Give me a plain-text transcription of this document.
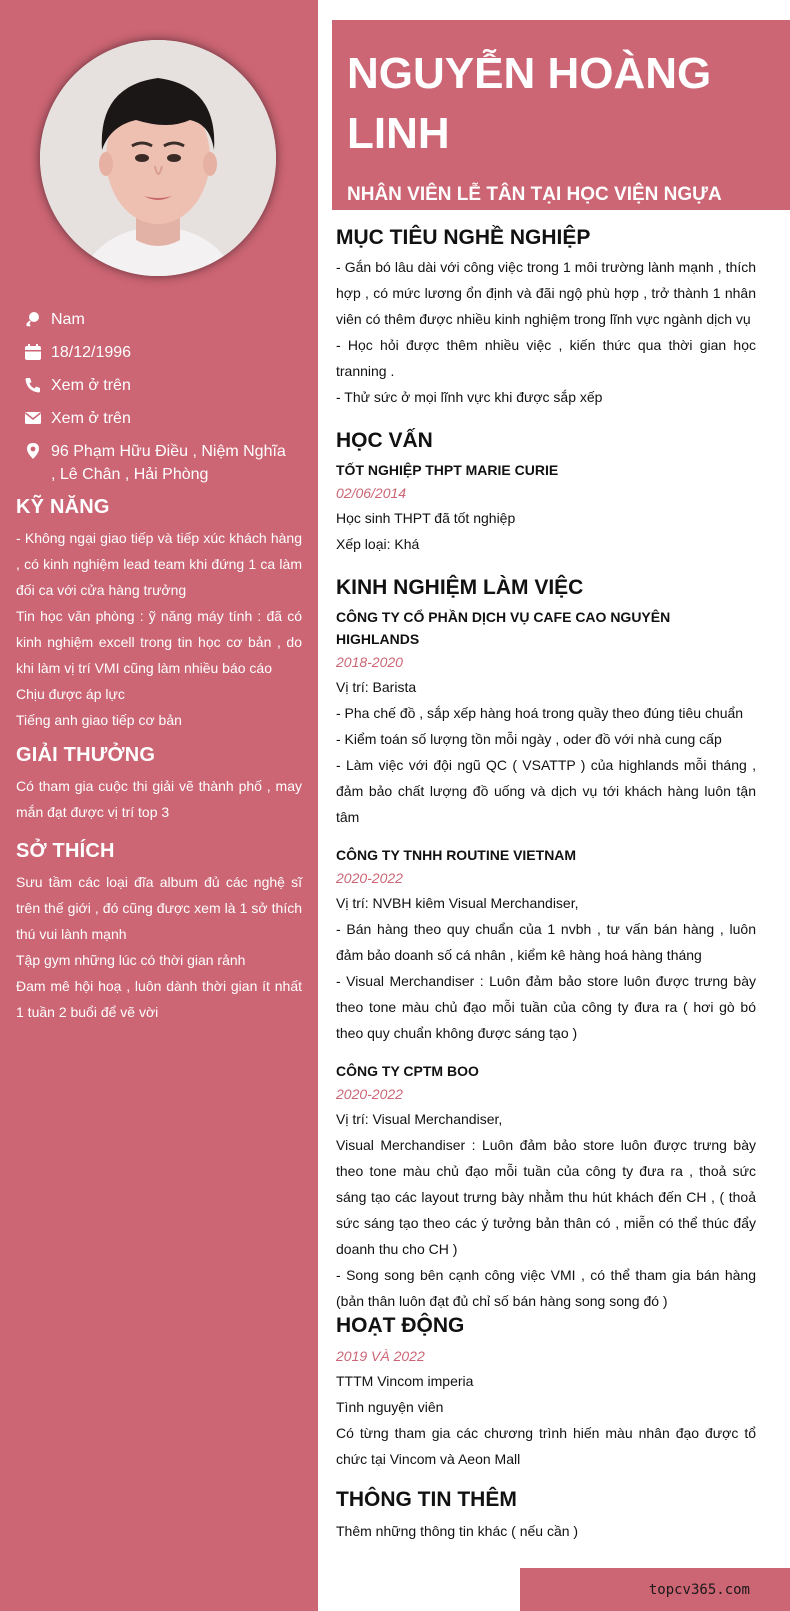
Nam
18/12/1996
Xem ở trên
Xem ở trên
96 Phạm Hữu Điều , Niệm Nghĩa , Lê Chân , Hải Phòng
KỸ NĂNG

- Không ngại giao tiếp và tiếp xúc khách hàng , có kinh nghiệm lead team khi đứng 1 ca làm đối ca với cửa hàng trưởng

Tin học văn phòng : ỹ năng máy tính : đã có kinh nghiệm excell trong tin học cơ bản , do khi làm vị trí VMI cũng làm nhiều báo cáo

Chịu được áp lực

Tiếng anh giao tiếp cơ bản

GIẢI THƯỞNG

Có tham gia cuộc thi giải vẽ thành phố , may mắn đạt được vị trí top 3

SỞ THÍCH

Sưu tầm các loại đĩa album đủ các nghệ sĩ trên thế giới , đó cũng được xem là 1 sở thích thú vui lành mạnh

Tập gym những lúc có thời gian rảnh

Đam mê hội hoạ , luôn dành thời gian ít nhất 1 tuần 2 buổi để vẽ vời

NGUYỄN HOÀNG LINH
NHÂN VIÊN LỄ TÂN TẠI HỌC VIỆN NGỰA
MỤC TIÊU NGHỀ NGHIỆP

- Gắn bó lâu dài với công việc trong 1 môi trường lành mạnh , thích hợp , có mức lương ổn định và đãi ngộ phù hợp , trở thành 1 nhân viên có thêm được nhiều kinh nghiệm trong lĩnh vực ngành dịch vụ

- Học hỏi được thêm nhiều việc , kiến thức qua thời gian học tranning .

- Thử sức ở mọi lĩnh vực khi được sắp xếp

HỌC VẤN
TỐT NGHIỆP THPT MARIE CURIE
02/06/2014

Học sinh THPT đã tốt nghiệp

Xếp loại: Khá

KINH NGHIỆM LÀM VIỆC
CÔNG TY CỔ PHẦN DỊCH VỤ CAFE CAO NGUYÊN HIGHLANDS
2018-2020

Vị trí: Barista

- Pha chế đồ , sắp xếp hàng hoá trong quầy theo đúng tiêu chuẩn

- Kiểm toán số lượng tồn mỗi ngày , oder đồ với nhà cung cấp

- Làm việc với đội ngũ QC ( VSATTP ) của highlands mỗi tháng , đảm bảo chất lượng đồ uống và dịch vụ tới khách hàng luôn tận tâm

CÔNG TY TNHH ROUTINE VIETNAM
2020-2022

Vị trí: NVBH kiêm Visual Merchandiser,

- Bán hàng theo quy chuẩn của 1 nvbh , tư vấn bán hàng , luôn đảm bảo doanh số cá nhân , kiểm kê hàng hoá hàng tháng

- Visual Merchandiser : Luôn đảm bảo store luôn được trưng bày theo tone màu chủ đạo mỗi tuần của công ty đưa ra ( hơi gò bó theo quy chuẩn không được sáng tạo )

CÔNG TY CPTM BOO
2020-2022

Vị trí: Visual Merchandiser,

Visual Merchandiser : Luôn đảm bảo store luôn được trưng bày theo tone màu chủ đạo mỗi tuần của công ty đưa ra , thoả sức sáng tạo các layout trưng bày nhằm thu hút khách đến CH , ( thoả sức sáng tạo theo các ý tưởng bản thân có , miễn có thể thúc đẩy doanh thu cho CH )

- Song song bên cạnh công việc VMI , có thể tham gia bán hàng (bản thân luôn đạt đủ chỉ số bán hàng song song đó )

HOẠT ĐỘNG
2019 VÀ 2022

TTTM Vincom imperia

Tình nguyện viên

Có từng tham gia các chương trình hiến màu nhân đạo được tổ chức tại Vincom và Aeon Mall

THÔNG TIN THÊM

Thêm những thông tin khác ( nếu cần )

topcv365.com
